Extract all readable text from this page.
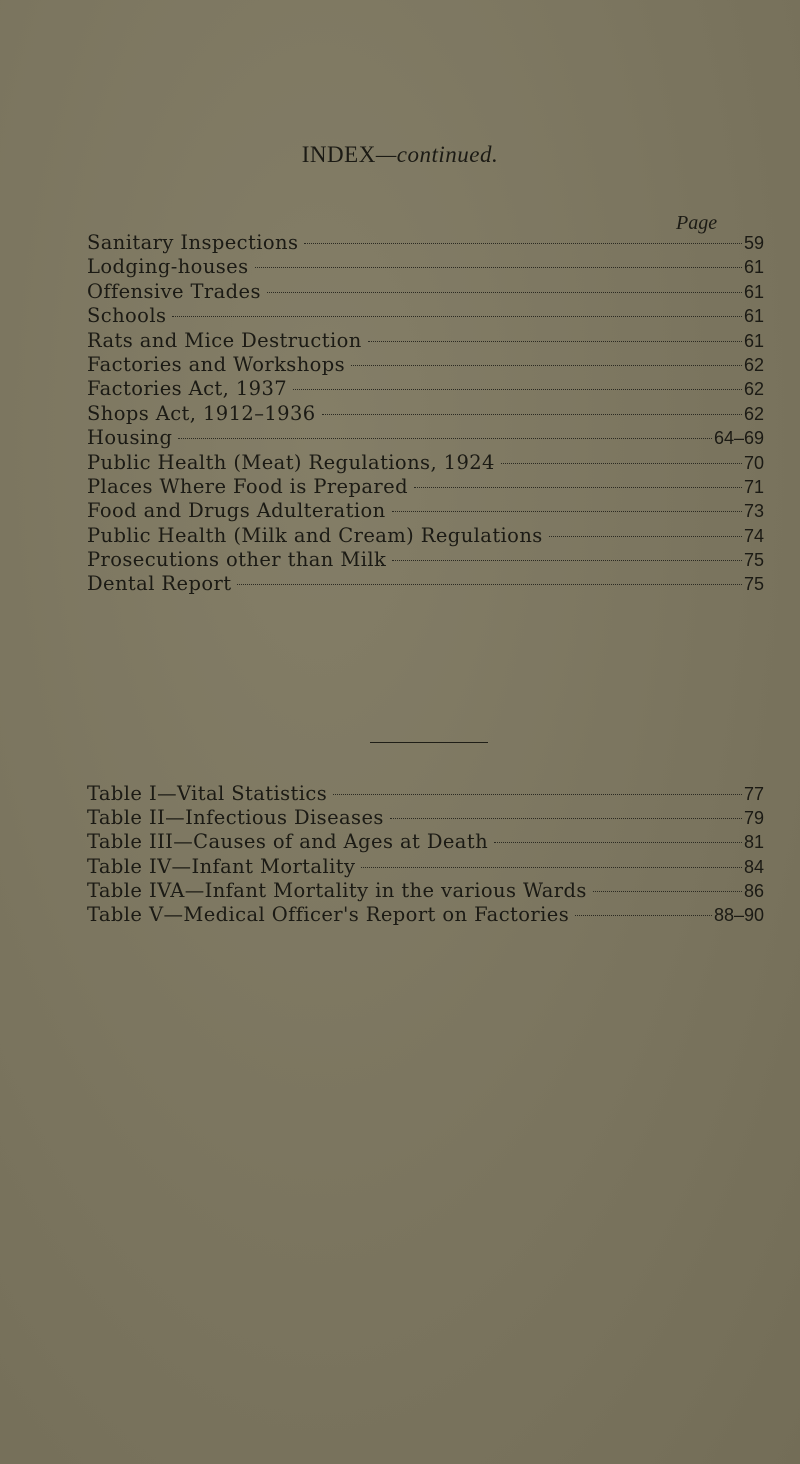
INDEX—continued.
Page
Sanitary Inspections	59
Lodging-houses	61
Offensive Trades	61
Schools	61
Rats and Mice Destruction	61
Factories and Workshops	62
Factories Act, 1937	62
Shops Act, 1912–1936	62
Housing	64–69
Public Health (Meat) Regulations, 1924	70
Places Where Food is Prepared	71
Food and Drugs Adulteration	73
Public Health (Milk and Cream) Regulations	74
Prosecutions other than Milk	75
Dental Report	75
Table I—Vital Statistics	77
Table II—Infectious Diseases	79
Table III—Causes of and Ages at Death	81
Table IV—Infant Mortality	84
Table IVA—Infant Mortality in the various Wards	86
Table V—Medical Officer's Report on Factories	88–90
